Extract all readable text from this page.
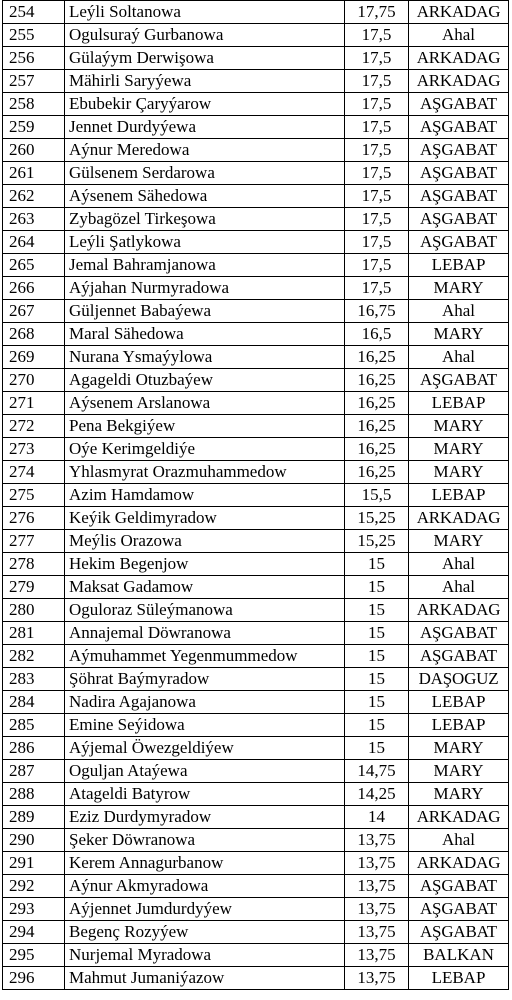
254	Leýli Soltanowa	17,75	ARKADAG
255	Ogulsuraý Gurbanowa	17,5	Ahal
256	Gülaýym Derwişowa	17,5	ARKADAG
257	Mähirli Saryýewa	17,5	ARKADAG
258	Ebubekir Çaryýarow	17,5	AŞGABAT
259	Jennet Durdyýewa	17,5	AŞGABAT
260	Aýnur Meredowa	17,5	AŞGABAT
261	Gülsenem Serdarowa	17,5	AŞGABAT
262	Aýsenem Sähedowa	17,5	AŞGABAT
263	Zybagözel Tirkeşowa	17,5	AŞGABAT
264	Leýli Şatlykowa	17,5	AŞGABAT
265	Jemal Bahramjanowa	17,5	LEBAP
266	Aýjahan Nurmyradowa	17,5	MARY
267	Güljennet Babaýewa	16,75	Ahal
268	Maral Sähedowa	16,5	MARY
269	Nurana Ysmaýylowa	16,25	Ahal
270	Agageldi Otuzbaýew	16,25	AŞGABAT
271	Aýsenem Arslanowa	16,25	LEBAP
272	Pena Bekgiýew	16,25	MARY
273	Oýe Kerimgeldiýe	16,25	MARY
274	Yhlasmyrat Orazmuhammedow	16,25	MARY
275	Azim Hamdamow	15,5	LEBAP
276	Keýik Geldimyradow	15,25	ARKADAG
277	Meýlis Orazowa	15,25	MARY
278	Hekim Begenjow	15	Ahal
279	Maksat Gadamow	15	Ahal
280	Oguloraz Süleýmanowa	15	ARKADAG
281	Annajemal Döwranowa	15	AŞGABAT
282	Aýmuhammet Yegenmummedow	15	AŞGABAT
283	Şöhrat Baýmyradow	15	DAŞOGUZ
284	Nadira Agajanowa	15	LEBAP
285	Emine Seýidowa	15	LEBAP
286	Aýjemal Öwezgeldiýew	15	MARY
287	Oguljan Ataýewa	14,75	MARY
288	Atageldi Batyrow	14,25	MARY
289	Eziz Durdymyradow	14	ARKADAG
290	Şeker Döwranowa	13,75	Ahal
291	Kerem Annagurbanow	13,75	ARKADAG
292	Aýnur Akmyradowa	13,75	AŞGABAT
293	Aýjennet Jumdurdyýew	13,75	AŞGABAT
294	Begenç Rozyýew	13,75	AŞGABAT
295	Nurjemal Myradowa	13,75	BALKAN
296	Mahmut Jumaniýazow	13,75	LEBAP
